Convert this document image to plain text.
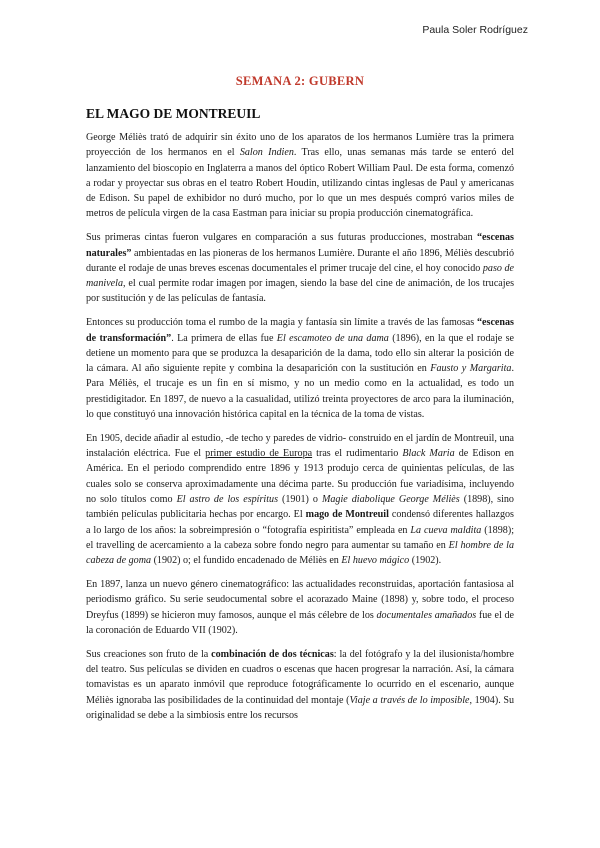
Paula Soler Rodríguez
SEMANA 2: GUBERN
EL MAGO DE MONTREUIL

George Méliès trató de adquirir sin éxito uno de los aparatos de los hermanos Lumière tras la primera proyección de los hermanos en el Salon Indien. Tras ello, unas semanas más tarde se enteró del lanzamiento del bioscopio en Inglaterra a manos del óptico Robert William Paul. De esta forma, comenzó a rodar y proyectar sus obras en el teatro Robert Houdin, utilizando cintas inglesas de Paul y americanas de Edison. Su papel de exhibidor no duró mucho, por lo que un mes después compró varios miles de metros de película virgen de la casa Eastman para iniciar su propia producción cinematográfica.

Sus primeras cintas fueron vulgares en comparación a sus futuras producciones, mostraban “escenas naturales” ambientadas en las pioneras de los hermanos Lumière. Durante el año 1896, Méliès descubrió durante el rodaje de unas breves escenas documentales el primer trucaje del cine, el hoy conocido paso de manivela, el cual permite rodar imagen por imagen, siendo la base del cine de animación, de los trucajes por sustitución y de las películas de fantasía.

Entonces su producción toma el rumbo de la magia y fantasía sin límite a través de las famosas “escenas de transformación”. La primera de ellas fue El escamoteo de una dama (1896), en la que el rodaje se detiene un momento para que se produzca la desaparición de la dama, todo ello sin alterar la posición de la cámara. Al año siguiente repite y combina la desaparición con la sustitución en Fausto y Margarita. Para Méliès, el trucaje es un fin en sí mismo, y no un medio como en la actualidad, es todo un prestidigitador. En 1897, de nuevo a la casualidad, utilizó treinta proyectores de arco para la iluminación, lo que constituyó una innovación histórica capital en la técnica de la toma de vistas.

En 1905, decide añadir al estudio, -de techo y paredes de vidrio- construido en el jardín de Montreuil, una instalación eléctrica. Fue el primer estudio de Europa tras el rudimentario Black Maria de Edison en América. En el periodo comprendido entre 1896 y 1913 produjo cerca de quinientas películas, de las cuales solo se conserva aproximadamente una décima parte. Su producción fue variadísima, incluyendo no solo títulos como El astro de los espíritus (1901) o Magie diabolique George Méliès (1898), sino también películas publicitaria hechas por encargo. El mago de Montreuil condensó diferentes hallazgos a lo largo de los años: la sobreimpresión o “fotografía espiritista” empleada en La cueva maldita (1898); el travelling de acercamiento a la cabeza sobre fondo negro para aumentar su tamaño en El hombre de la cabeza de goma (1902) o; el fundido encadenado de Méliès en El huevo mágico (1902).

En 1897, lanza un nuevo género cinematográfico: las actualidades reconstruidas, aportación fantasiosa al periodismo gráfico. Su serie seudocumental sobre el acorazado Maine (1898) y, sobre todo, el proceso Dreyfus (1899) se hicieron muy famosos, aunque el más célebre de los documentales amañados fue el de la coronación de Eduardo VII (1902).

Sus creaciones son fruto de la combinación de dos técnicas: la del fotógrafo y la del ilusionista/hombre del teatro. Sus películas se dividen en cuadros o escenas que hacen progresar la narración. Así, la cámara tomavistas es un aparato inmóvil que reproduce fotográficamente lo ocurrido en el escenario, aunque Méliès ignoraba las posibilidades de la continuidad del montaje (Viaje a través de lo imposible, 1904). Su originalidad se debe a la simbiosis entre los recursos
